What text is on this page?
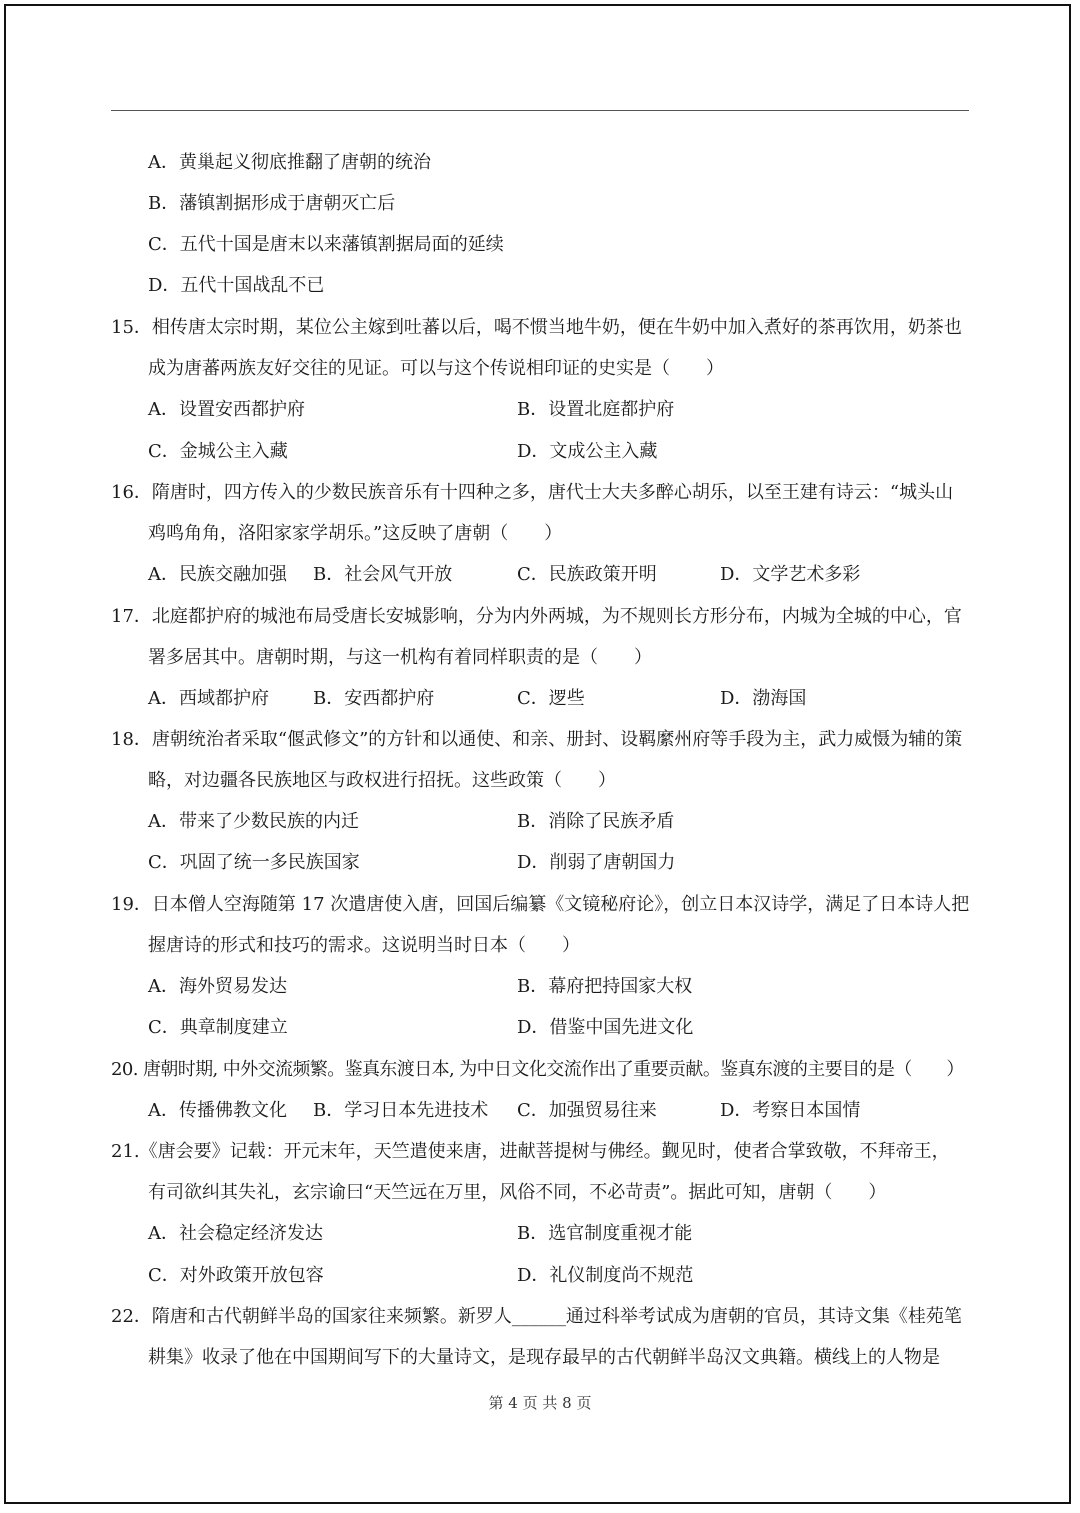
A．黄巢起义彻底推翻了唐朝的统治
B．藩镇割据形成于唐朝灭亡后
C．五代十国是唐末以来藩镇割据局面的延续
D．五代十国战乱不已
15．相传唐太宗时期，某位公主嫁到吐蕃以后，喝不惯当地牛奶，便在牛奶中加入煮好的茶再饮用，奶茶也
成为唐蕃两族友好交往的见证。可以与这个传说相印证的史实是（　　）
A．设置安西都护府	B．设置北庭都护府
C．金城公主入藏	D．文成公主入藏
16．隋唐时，四方传入的少数民族音乐有十四种之多，唐代士大夫多醉心胡乐，以至王建有诗云：“城头山
鸡鸣角角，洛阳家家学胡乐。”这反映了唐朝（　　）
A．民族交融加强 B．社会风气开放	C．民族政策开明	D．文学艺术多彩
17．北庭都护府的城池布局受唐长安城影响，分为内外两城，为不规则长方形分布，内城为全城的中心，官
署多居其中。唐朝时期，与这一机构有着同样职责的是（　　）
A．西域都护府 B．安西都护府	C．逻些	D．渤海国
18．唐朝统治者采取“偃武修文”的方针和以通使、和亲、册封、设羁縻州府等手段为主，武力威慑为辅的策
略，对边疆各民族地区与政权进行招抚。这些政策（　　）
A．带来了少数民族的内迁	B．消除了民族矛盾
C．巩固了统一多民族国家	D．削弱了唐朝国力
19．日本僧人空海随第 17 次遣唐使入唐，回国后编纂《文镜秘府论》，创立日本汉诗学，满足了日本诗人把
握唐诗的形式和技巧的需求。这说明当时日本（　　）
A．海外贸易发达	B．幕府把持国家大权
C．典章制度建立	D．借鉴中国先进文化
20. 唐朝时期, 中外交流频繁。鉴真东渡日本, 为中日文化交流作出了重要贡献。鉴真东渡的主要目的是（　　）
A．传播佛教文化 B．学习日本先进技术 C．加强贸易往来	D．考察日本国情
21.《唐会要》记载：开元末年，天竺遣使来唐，进献菩提树与佛经。觐见时，使者合掌致敬，不拜帝王，
有司欲纠其失礼，玄宗谕曰“天竺远在万里，风俗不同，不必苛责”。据此可知，唐朝（　　）
A．社会稳定经济发达	B．选官制度重视才能
C．对外政策开放包容	D．礼仪制度尚不规范
22．隋唐和古代朝鲜半岛的国家往来频繁。新罗人______通过科举考试成为唐朝的官员，其诗文集《桂苑笔
耕集》收录了他在中国期间写下的大量诗文，是现存最早的古代朝鲜半岛汉文典籍。横线上的人物是
第 4 页 共 8 页
